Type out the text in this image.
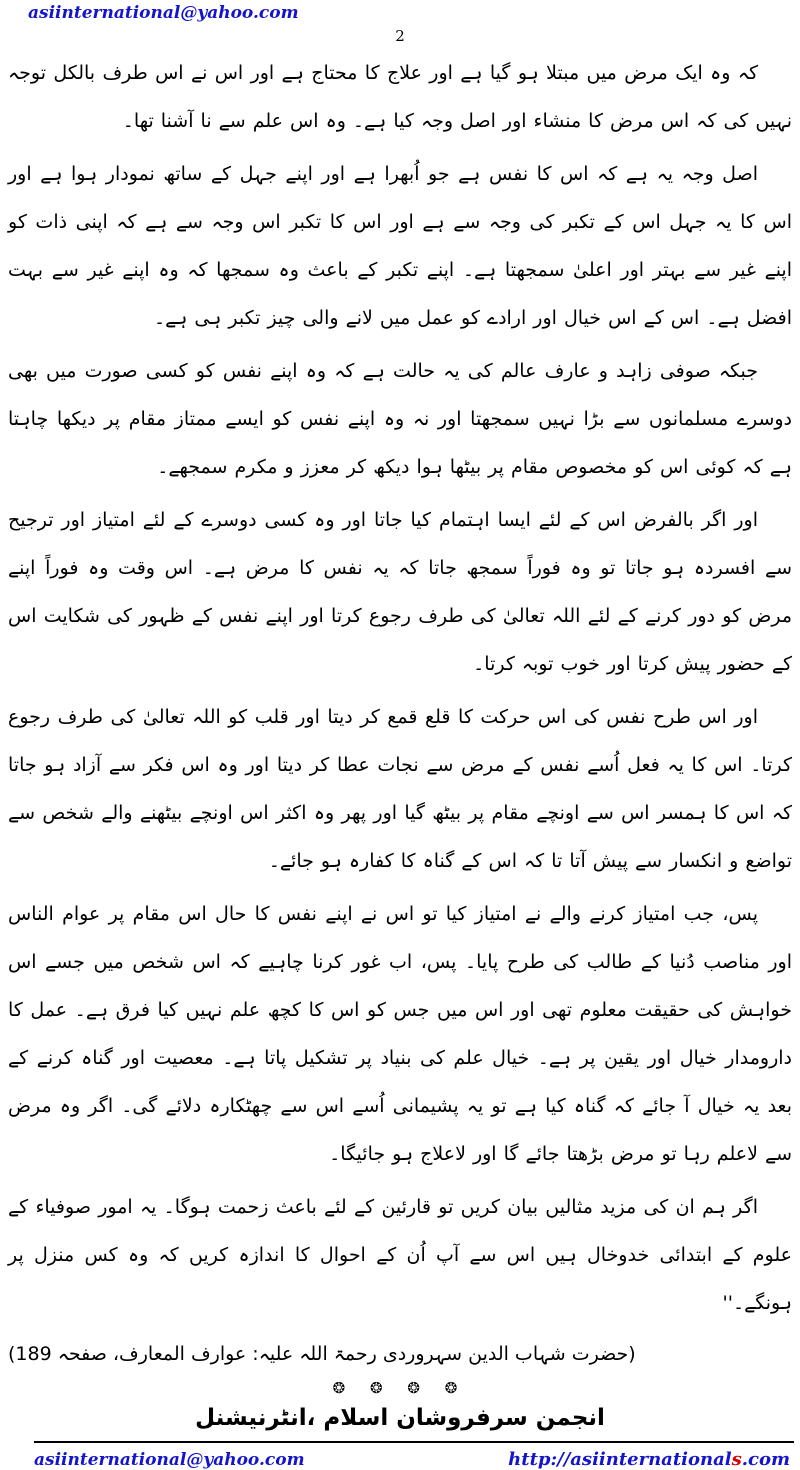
asiinternational@yahoo.com
2

کہ وہ ایک مرض میں مبتلا ہو گیا ہے اور علاج کا محتاج ہے اور اس نے اس طرف بالکل توجہ نہیں کی کہ اس مرض کا منشاء اور اصل وجہ کیا ہے۔ وہ اس علم سے نا آشنا تھا۔

اصل وجہ یہ ہے کہ اس کا نفس ہے جو اُبھرا ہے اور اپنے جہل کے ساتھ نمودار ہوا ہے اور اس کا یہ جہل اس کے تکبر کی وجہ سے ہے اور اس کا تکبر اس وجہ سے ہے کہ اپنی ذات کو اپنے غیر سے بہتر اور اعلیٰ سمجھتا ہے۔ اپنے تکبر کے باعث وہ سمجھا کہ وہ اپنے غیر سے بہت افضل ہے۔ اس کے اس خیال اور ارادے کو عمل میں لانے والی چیز تکبر ہی ہے۔

جبکہ صوفی زاہد و عارف عالم کی یہ حالت ہے کہ وہ اپنے نفس کو کسی صورت میں بھی دوسرے مسلمانوں سے بڑا نہیں سمجھتا اور نہ وہ اپنے نفس کو ایسے ممتاز مقام پر دیکھا چاہتا ہے کہ کوئی اس کو مخصوص مقام پر بیٹھا ہوا دیکھ کر معزز و مکرم سمجھے۔

اور اگر بالفرض اس کے لئے ایسا اہتمام کیا جاتا اور وہ کسی دوسرے کے لئے امتیاز اور ترجیح سے افسردہ ہو جاتا تو وہ فوراً سمجھ جاتا کہ یہ نفس کا مرض ہے۔ اس وقت وہ فوراً اپنے مرض کو دور کرنے کے لئے اللہ تعالیٰ کی طرف رجوع کرتا اور اپنے نفس کے ظہور کی شکایت اس کے حضور پیش کرتا اور خوب توبہ کرتا۔

اور اس طرح نفس کی اس حرکت کا قلع قمع کر دیتا اور قلب کو اللہ تعالیٰ کی طرف رجوع کرتا۔ اس کا یہ فعل اُسے نفس کے مرض سے نجات عطا کر دیتا اور وہ اس فکر سے آزاد ہو جاتا کہ اس کا ہمسر اس سے اونچے مقام پر بیٹھ گیا اور پھر وہ اکثر اس اونچے بیٹھنے والے شخص سے تواضع و انکسار سے پیش آتا تا کہ اس کے گناہ کا کفارہ ہو جائے۔

پس، جب امتیاز کرنے والے نے امتیاز کیا تو اس نے اپنے نفس کا حال اس مقام پر عوام الناس اور مناصب دُنیا کے طالب کی طرح پایا۔ پس، اب غور کرنا چاہیے کہ اس شخص میں جسے اس خواہش کی حقیقت معلوم تھی اور اس میں جس کو اس کا کچھ علم نہیں کیا فرق ہے۔ عمل کا دارومدار خیال اور یقین پر ہے۔ خیال علم کی بنیاد پر تشکیل پاتا ہے۔ معصیت اور گناہ کرنے کے بعد یہ خیال آ جائے کہ گناہ کیا ہے تو یہ پشیمانی اُسے اس سے چھٹکارہ دلائے گی۔ اگر وہ مرض سے لاعلم رہا تو مرض بڑھتا جائے گا اور لاعلاج ہو جائیگا۔

اگر ہم ان کی مزید مثالیں بیان کریں تو قارئین کے لئے باعث زحمت ہوگا۔ یہ امور صوفیاء کے علوم کے ابتدائی خدوخال ہیں اس سے آپ اُن کے احوال کا اندازہ کریں کہ وہ کس منزل پر ہونگے۔''

(حضرت شہاب الدین سہروردی رحمۃ اللہ علیہ: عوارف المعارف، صفحہ 189)
❂ ❂ ❂ ❂
انجمن سرفروشان اسلام ،انٹرنیشنل
asiinternational@yahoo.com	http://asiinternationals.com
